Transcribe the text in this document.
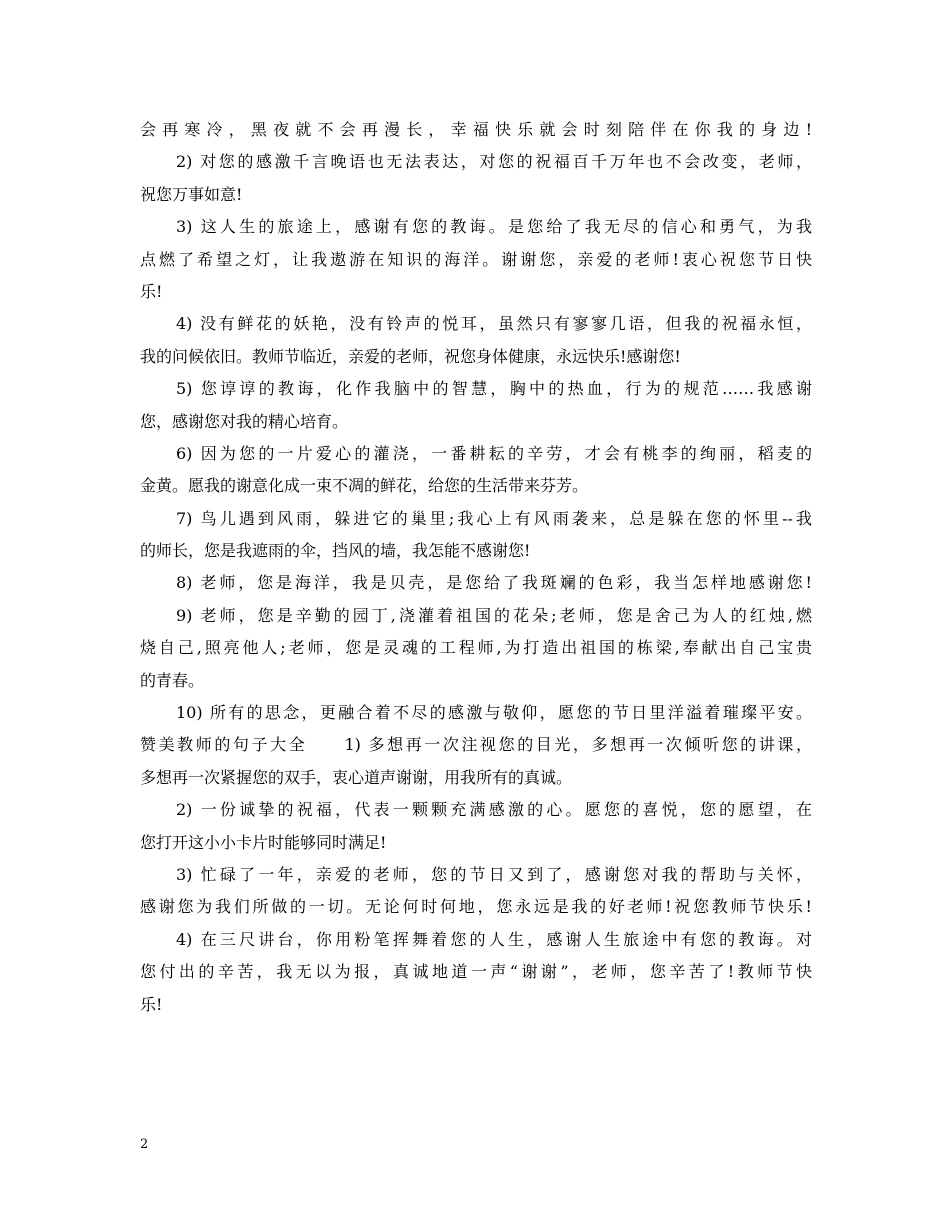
会再寒冷，黑夜就不会再漫长，幸福快乐就会时刻陪伴在你我的身边!
2) 对您的感激千言晚语也无法表达，对您的祝福百千万年也不会改变，老师，
祝您万事如意!
3) 这人生的旅途上，感谢有您的教诲。是您给了我无尽的信心和勇气，为我
点燃了希望之灯，让我遨游在知识的海洋。谢谢您，亲爱的老师!衷心祝您节日快
乐!
4) 没有鲜花的妖艳，没有铃声的悦耳，虽然只有寥寥几语，但我的祝福永恒，
我的问候依旧。教师节临近，亲爱的老师，祝您身体健康，永远快乐!感谢您!
5) 您谆谆的教诲，化作我脑中的智慧，胸中的热血，行为的规范……我感谢
您，感谢您对我的精心培育。
6) 因为您的一片爱心的灌浇，一番耕耘的辛劳，才会有桃李的绚丽，稻麦的
金黄。愿我的谢意化成一束不凋的鲜花，给您的生活带来芬芳。
7) 鸟儿遇到风雨，躲进它的巢里;我心上有风雨袭来，总是躲在您的怀里--我
的师长，您是我遮雨的伞，挡风的墙，我怎能不感谢您!
8) 老师，您是海洋，我是贝壳，是您给了我斑斓的色彩，我当怎样地感谢您!
9) 老师，您是辛勤的园丁,浇灌着祖国的花朵;老师，您是舍己为人的红烛,燃
烧自己,照亮他人;老师，您是灵魂的工程师,为打造出祖国的栋梁,奉献出自己宝贵
的青春。
10) 所有的思念，更融合着不尽的感激与敬仰，愿您的节日里洋溢着璀璨平安。
赞美教师的句子大全　　1) 多想再一次注视您的目光，多想再一次倾听您的讲课，
多想再一次紧握您的双手，衷心道声谢谢，用我所有的真诚。
2) 一份诚挚的祝福，代表一颗颗充满感激的心。愿您的喜悦，您的愿望，在
您打开这小小卡片时能够同时满足!
3) 忙碌了一年，亲爱的老师，您的节日又到了，感谢您对我的帮助与关怀，
感谢您为我们所做的一切。无论何时何地，您永远是我的好老师!祝您教师节快乐!
4) 在三尺讲台，你用粉笔挥舞着您的人生，感谢人生旅途中有您的教诲。对
您付出的辛苦，我无以为报，真诚地道一声“谢谢”，老师，您辛苦了!教师节快
乐!
2
